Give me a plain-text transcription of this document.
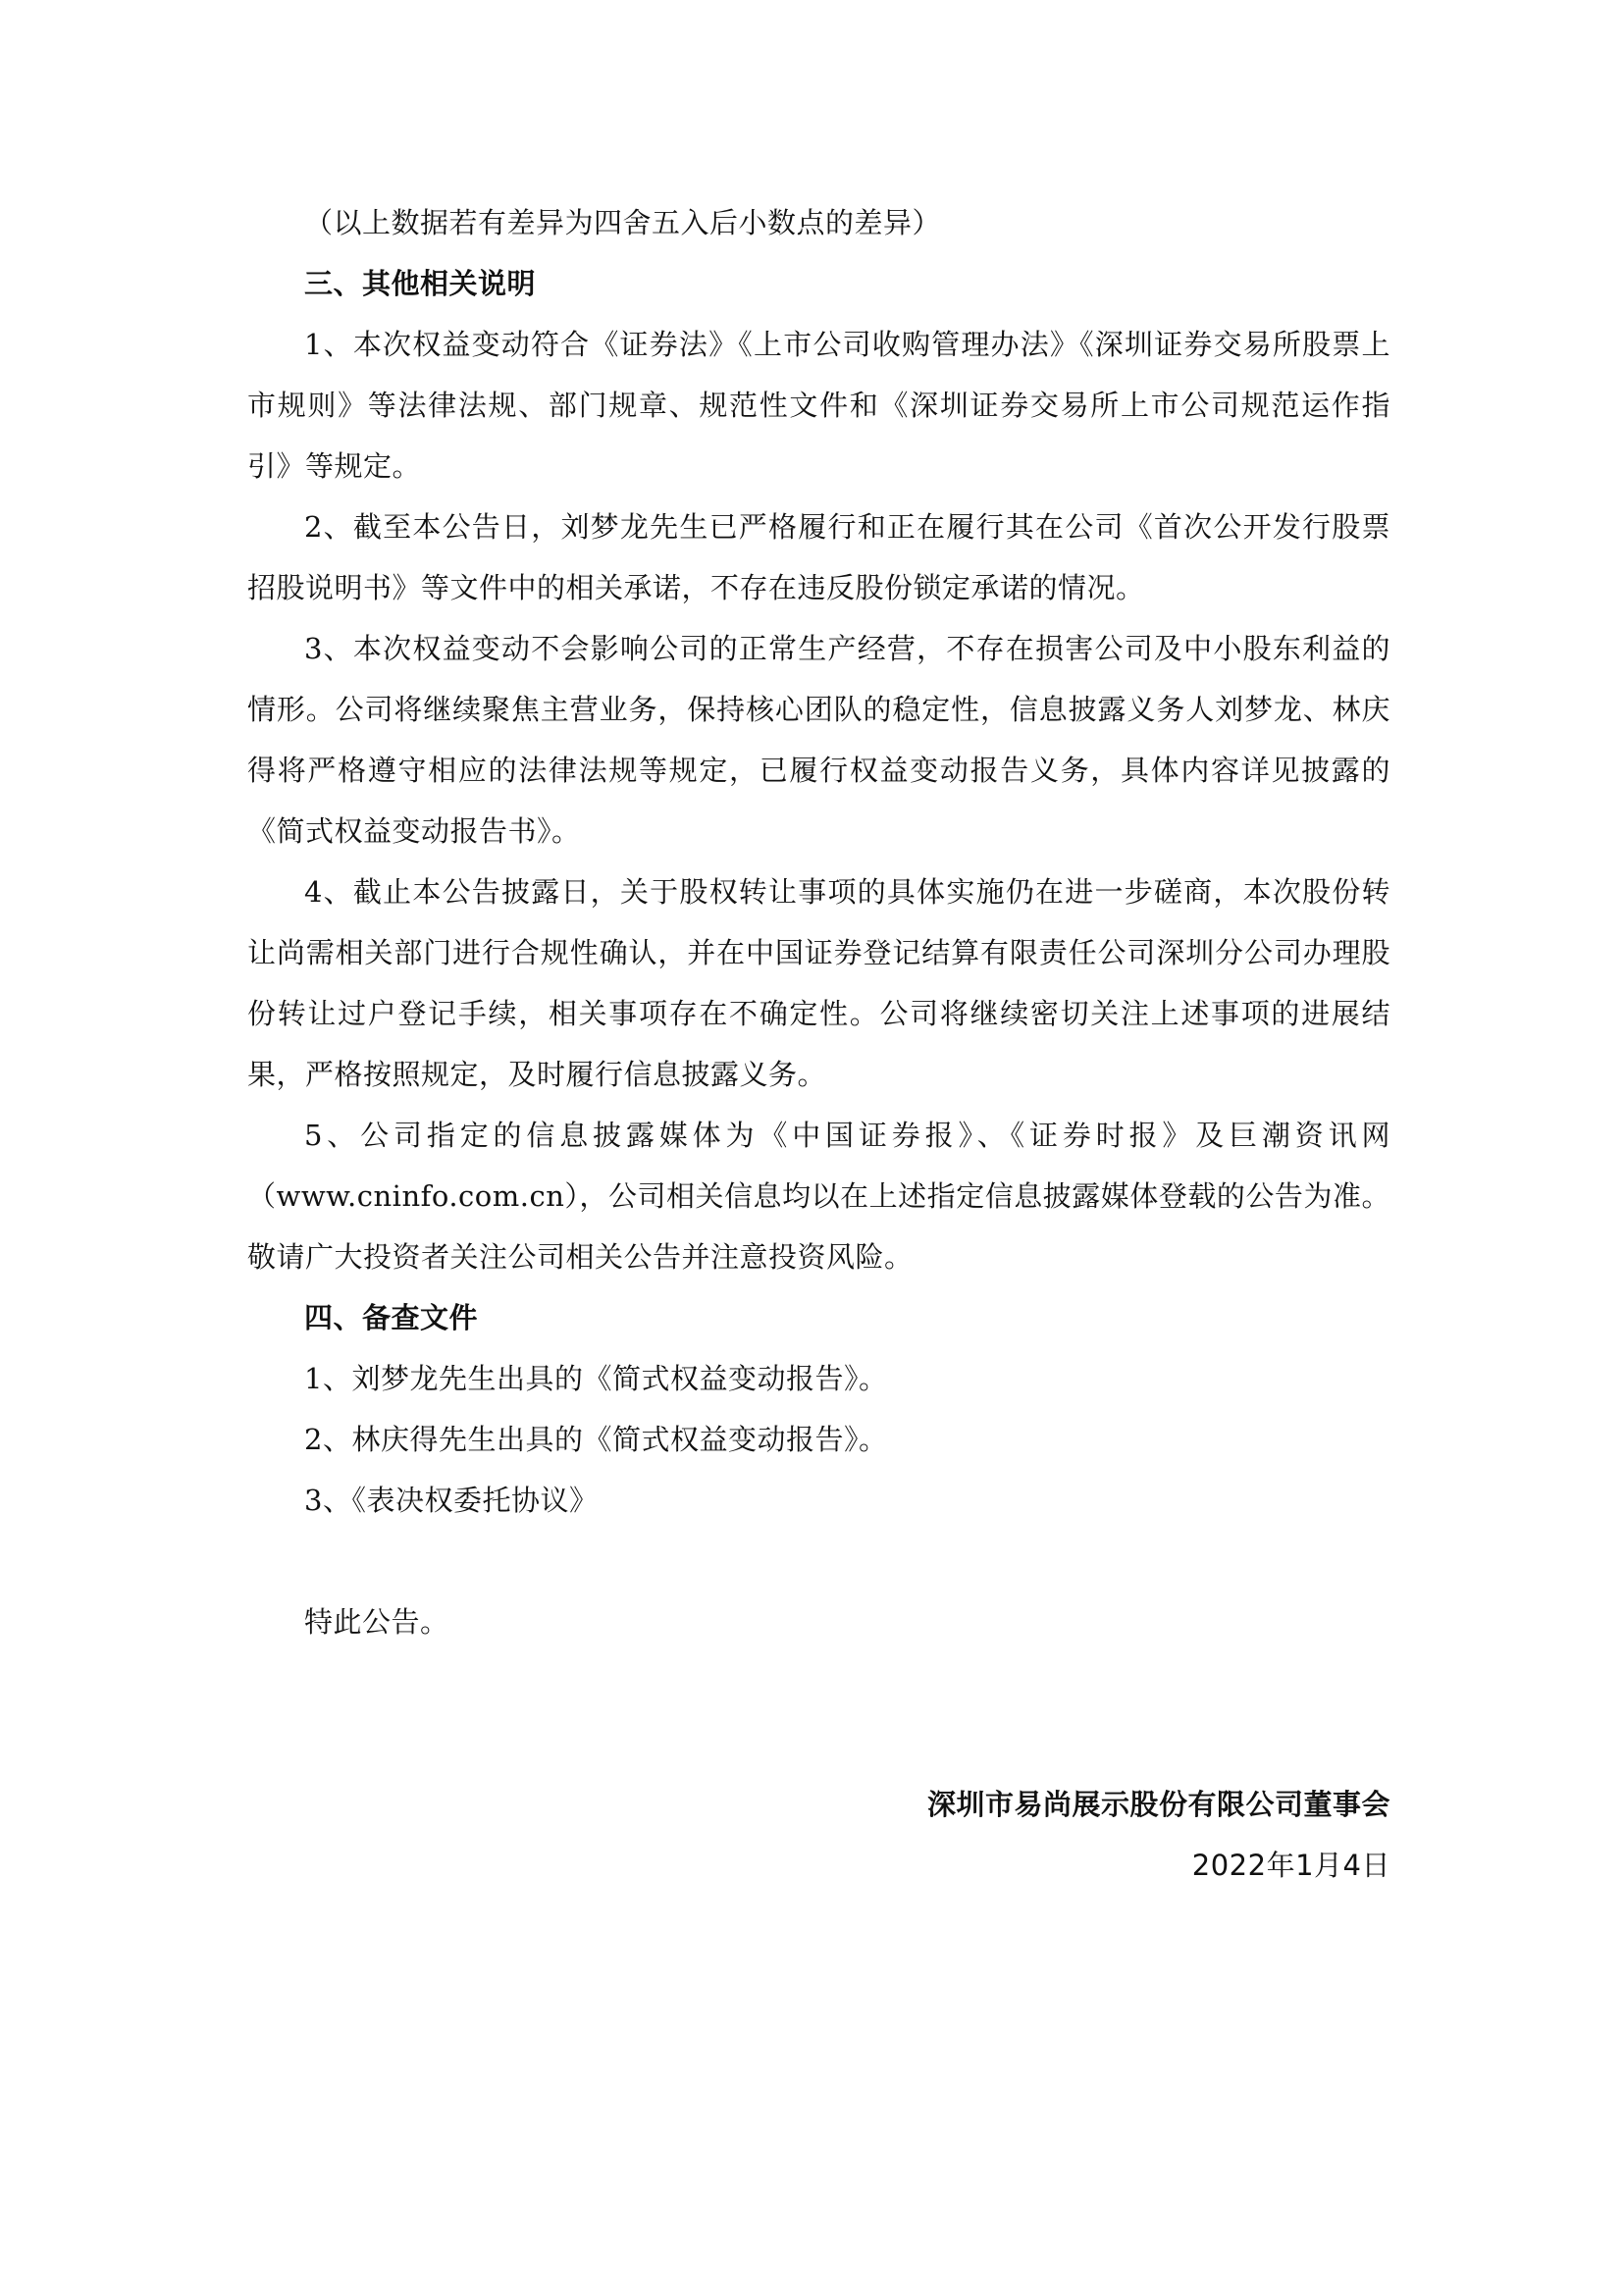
（以上数据若有差异为四舍五入后小数点的差异）

三、其他相关说明

1、本次权益变动符合《证券法》《上市公司收购管理办法》《深圳证券交易所股票上市规则》等法律法规、部门规章、规范性文件和《深圳证券交易所上市公司规范运作指引》等规定。

2、截至本公告日，刘梦龙先生已严格履行和正在履行其在公司《首次公开发行股票招股说明书》等文件中的相关承诺，不存在违反股份锁定承诺的情况。

3、本次权益变动不会影响公司的正常生产经营，不存在损害公司及中小股东利益的情形。公司将继续聚焦主营业务，保持核心团队的稳定性，信息披露义务人刘梦龙、林庆得将严格遵守相应的法律法规等规定，已履行权益变动报告义务，具体内容详见披露的《简式权益变动报告书》。

4、截止本公告披露日，关于股权转让事项的具体实施仍在进一步磋商，本次股份转让尚需相关部门进行合规性确认，并在中国证券登记结算有限责任公司深圳分公司办理股份转让过户登记手续，相关事项存在不确定性。公司将继续密切关注上述事项的进展结果，严格按照规定，及时履行信息披露义务。

5、公司指定的信息披露媒体为《中国证券报》、《证券时报》及巨潮资讯网（www.cninfo.com.cn），公司相关信息均以在上述指定信息披露媒体登载的公告为准。敬请广大投资者关注公司相关公告并注意投资风险。

四、备查文件

1、刘梦龙先生出具的《简式权益变动报告》。

2、林庆得先生出具的《简式权益变动报告》。

3、《表决权委托协议》

特此公告。

深圳市易尚展示股份有限公司董事会
2022年1月4日
